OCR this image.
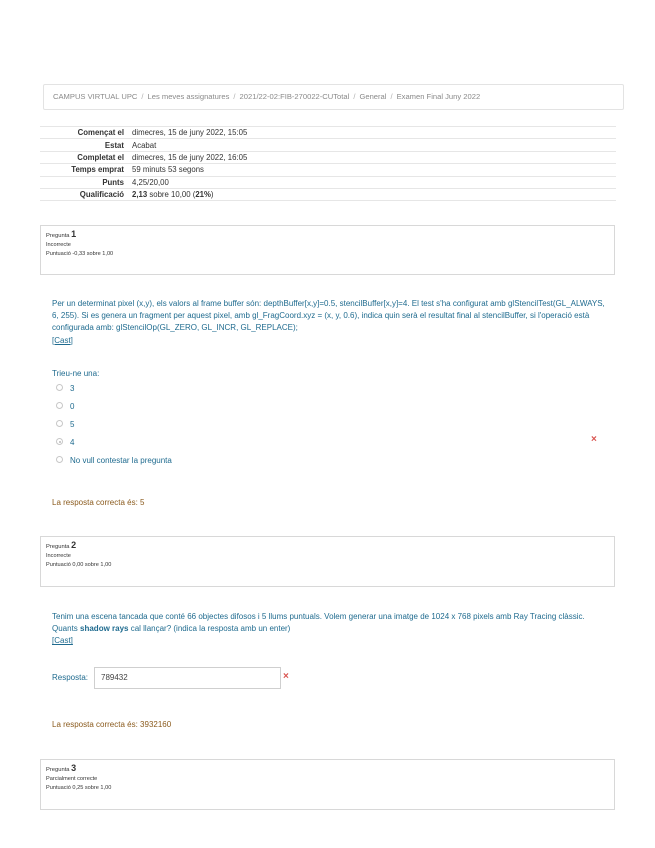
CAMPUS VIRTUAL UPC / Les meves assignatures / 2021/22-02:FIB-270022-CUTotal / General / Examen Final Juny 2022
Començat el	dimecres, 15 de juny 2022, 15:05
Estat	Acabat
Completat el	dimecres, 15 de juny 2022, 16:05
Temps emprat	59 minuts 53 segons
Punts	4,25/20,00
Qualificació	2,13 sobre 10,00 (21%)
Pregunta 1
Incorrecte
Puntuació -0,33 sobre 1,00
Per un determinat pixel (x,y), els valors al frame buffer són: depthBuffer[x,y]=0.5, stencilBuffer[x,y]=4. El test s'ha configurat amb glStencilTest(GL_ALWAYS, 6, 255). Si es genera un fragment per aquest pixel, amb gl_FragCoord.xyz = (x, y, 0.6), indica quin serà el resultat final al stencilBuffer, si l'operació està configurada amb: glStencilOp(GL_ZERO, GL_INCR, GL_REPLACE);
[Cast]
Trieu-ne una:
3
0
5
4
No vull contestar la pregunta
×
La resposta correcta és: 5
Pregunta 2
Incorrecte
Puntuació 0,00 sobre 1,00
Tenim una escena tancada que conté 66 objectes difosos i 5 llums puntuals. Volem generar una imatge de 1024 x 768 pixels amb Ray Tracing clàssic. Quants shadow rays cal llançar? (indica la resposta amb un enter)
[Cast]
Resposta:	789432	×
La resposta correcta és: 3932160
Pregunta 3
Parcialment correcte
Puntuació 0,25 sobre 1,00
